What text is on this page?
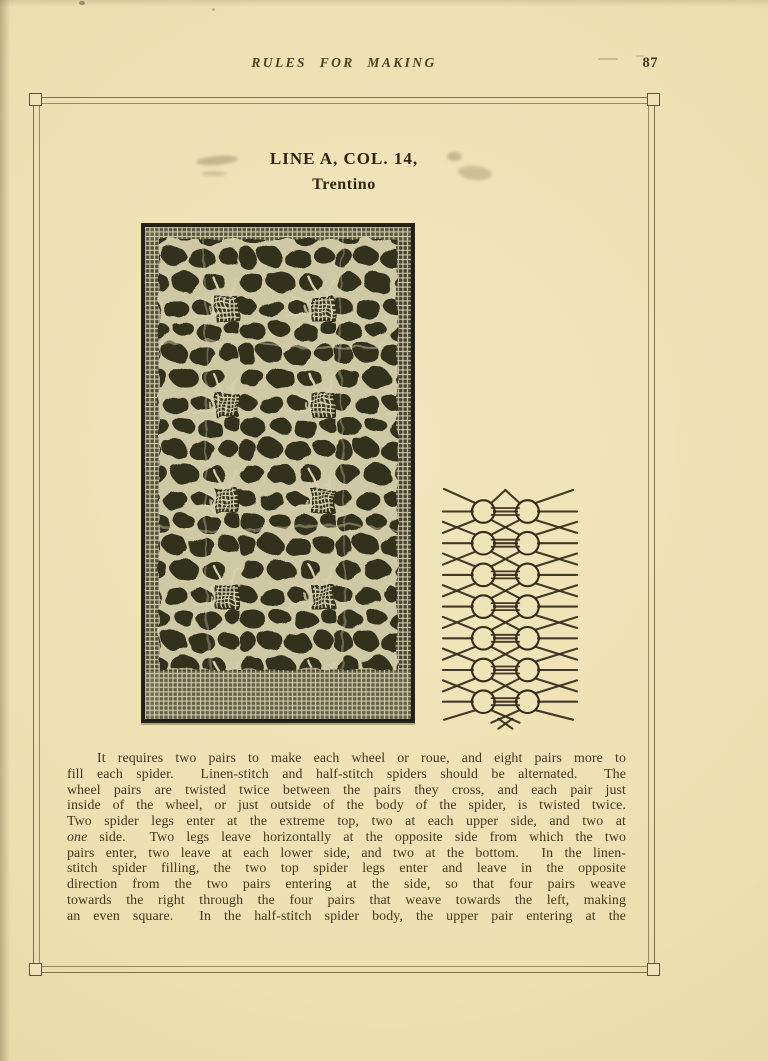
RULES FOR MAKING	87
LINE A, COL. 14,
Trentino
It requires two pairs to make each wheel or roue, and eight pairs more to
fill each spider.  Linen-stitch and half-stitch spiders should be alternated.  The
wheel pairs are twisted twice between the pairs they cross, and each pair just
inside of the wheel, or just outside of the body of the spider, is twisted twice.
Two spider legs enter at the extreme top, two at each upper side, and two at
one side.  Two legs leave horizontally at the opposite side from which the two
pairs enter, two leave at each lower side, and two at the bottom.  In the linen-
stitch spider filling, the two top spider legs enter and leave in the opposite
direction from the two pairs entering at the side, so that four pairs weave
towards the right through the four pairs that weave towards the left, making
an even square.  In the half-stitch spider body, the upper pair entering at the
